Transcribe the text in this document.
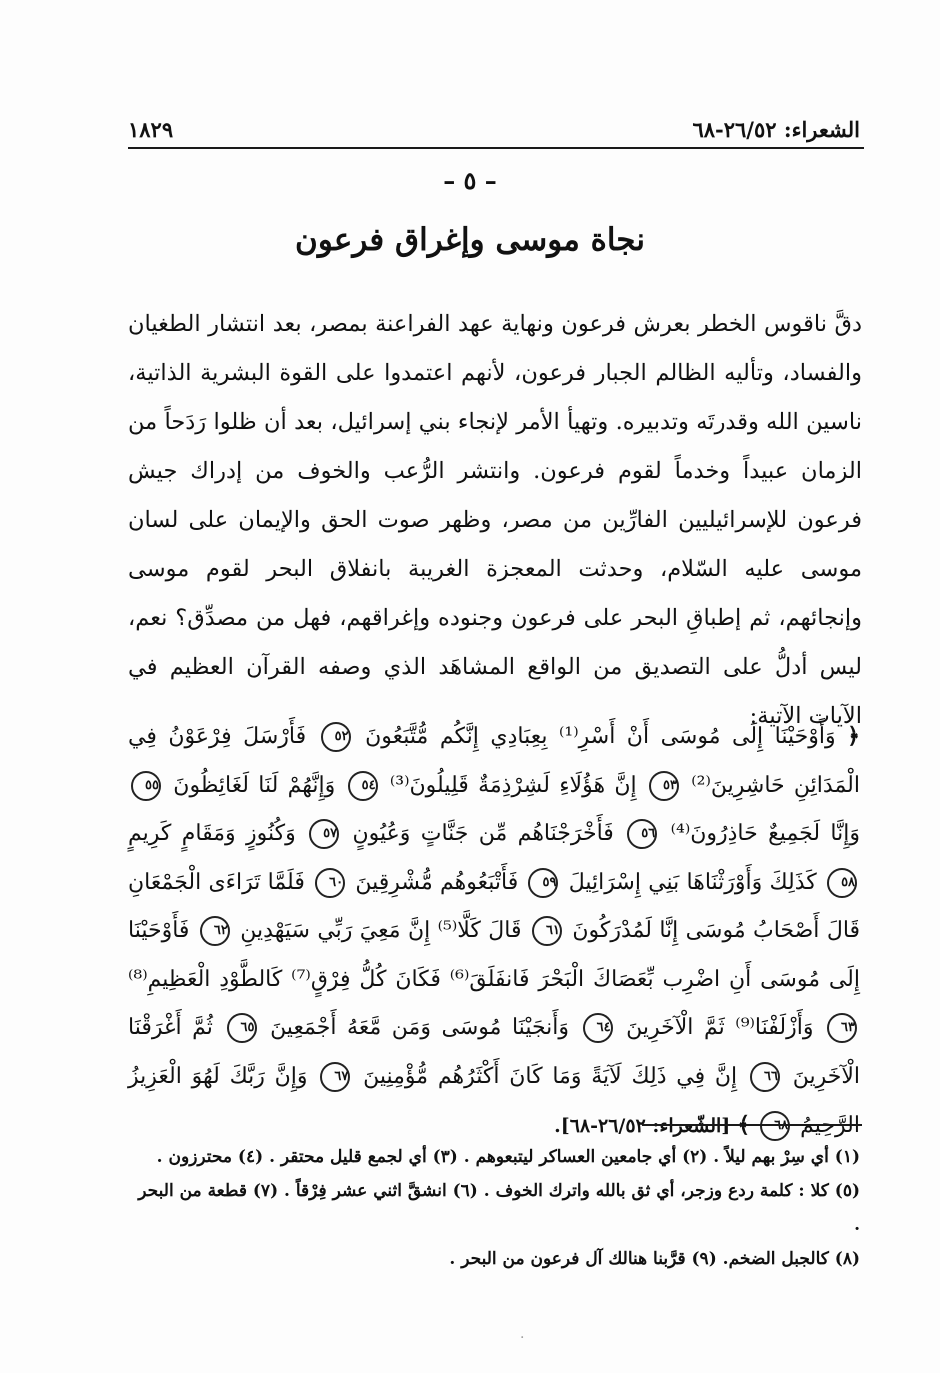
الشعراء: ٢٦/٥٢-٦٨
١٨٢٩
– ٥ –
نجاة موسى وإغراق فرعون

دقَّ ناقوس الخطر بعرش فرعون ونهاية عهد الفراعنة بمصر، بعد انتشار الطغيان والفساد، وتأليه الظالم الجبار فرعون، لأنهم اعتمدوا على القوة البشرية الذاتية، ناسين الله وقدرتَه وتدبيره. وتهيأ الأمر لإنجاء بني إسرائيل، بعد أن ظلوا رَدَحاً من الزمان عبيداً وخدماً لقوم فرعون. وانتشر الرُّعب والخوف من إدراك جيش فرعون للإسرائيليين الفارِّين من مصر، وظهر صوت الحق والإيمان على لسان موسى عليه السّلام، وحدثت المعجزة الغريبة بانفلاق البحر لقوم موسى وإنجائهم، ثم إطباقِ البحر على فرعون وجنوده وإغراقهم، فهل من مصدِّق؟ نعم، ليس أدلُّ على التصديق من الواقع المشاهَد الذي وصفه القرآن العظيم في الآيات الآتية:

﴿ وَأَوْحَيْنَا إِلَى مُوسَى أَنْ أَسْرِ⁽¹⁾ بِعِبَادِي إِنَّكُم مُّتَّبَعُونَ ٥٢ فَأَرْسَلَ فِرْعَوْنُ فِي الْمَدَائِنِ حَاشِرِينَ⁽²⁾ ٥٣ إِنَّ هَؤُلَاءِ لَشِرْذِمَةٌ قَلِيلُونَ⁽³⁾ ٥٤ وَإِنَّهُمْ لَنَا لَغَائِظُونَ ٥٥ وَإِنَّا لَجَمِيعٌ حَاذِرُونَ⁽⁴⁾ ٥٦ فَأَخْرَجْنَاهُم مِّن جَنَّاتٍ وَعُيُونٍ ٥٧ وَكُنُوزٍ وَمَقَامٍ كَرِيمٍ ٥٨ كَذَلِكَ وَأَوْرَثْنَاهَا بَنِي إِسْرَائِيلَ ٥٩ فَأَتْبَعُوهُم مُّشْرِقِينَ ٦٠ فَلَمَّا تَرَاءَى الْجَمْعَانِ قَالَ أَصْحَابُ مُوسَى إِنَّا لَمُدْرَكُونَ ٦١ قَالَ كَلَّا⁽⁵⁾ إِنَّ مَعِيَ رَبِّي سَيَهْدِينِ ٦٢ فَأَوْحَيْنَا إِلَى مُوسَى أَنِ اضْرِب بِّعَصَاكَ الْبَحْرَ فَانفَلَقَ⁽⁶⁾ فَكَانَ كُلُّ فِرْقٍ⁽⁷⁾ كَالطَّوْدِ الْعَظِيمِ⁽⁸⁾ ٦٣ وَأَزْلَفْنَا⁽⁹⁾ ثَمَّ الْآخَرِينَ ٦٤ وَأَنجَيْنَا مُوسَى وَمَن مَّعَهُ أَجْمَعِينَ ٦٥ ثُمَّ أَغْرَقْنَا الْآخَرِينَ ٦٦ إِنَّ فِي ذَلِكَ لَآيَةً وَمَا كَانَ أَكْثَرُهُم مُّؤْمِنِينَ ٦٧ وَإِنَّ رَبَّكَ لَهُوَ الْعَزِيزُ الرَّحِيمُ ٦٨ ﴾ [الشّعراء: ٢٦/٥٢-٦٨].

(١) أي سِرْ بهم ليلاً . (٢) أي جامعين العساكر ليتبعوهم . (٣) أي لجمع قليل محتقر . (٤) محترزون .

(٥) كلا : كلمة ردع وزجر، أي ثق بالله واترك الخوف . (٦) انشقَّ اثني عشر فِرْقاً . (٧) قطعة من البحر .

(٨) كالجبل الضخم. (٩) قرَّبنا هنالك آل فرعون من البحر .

·
